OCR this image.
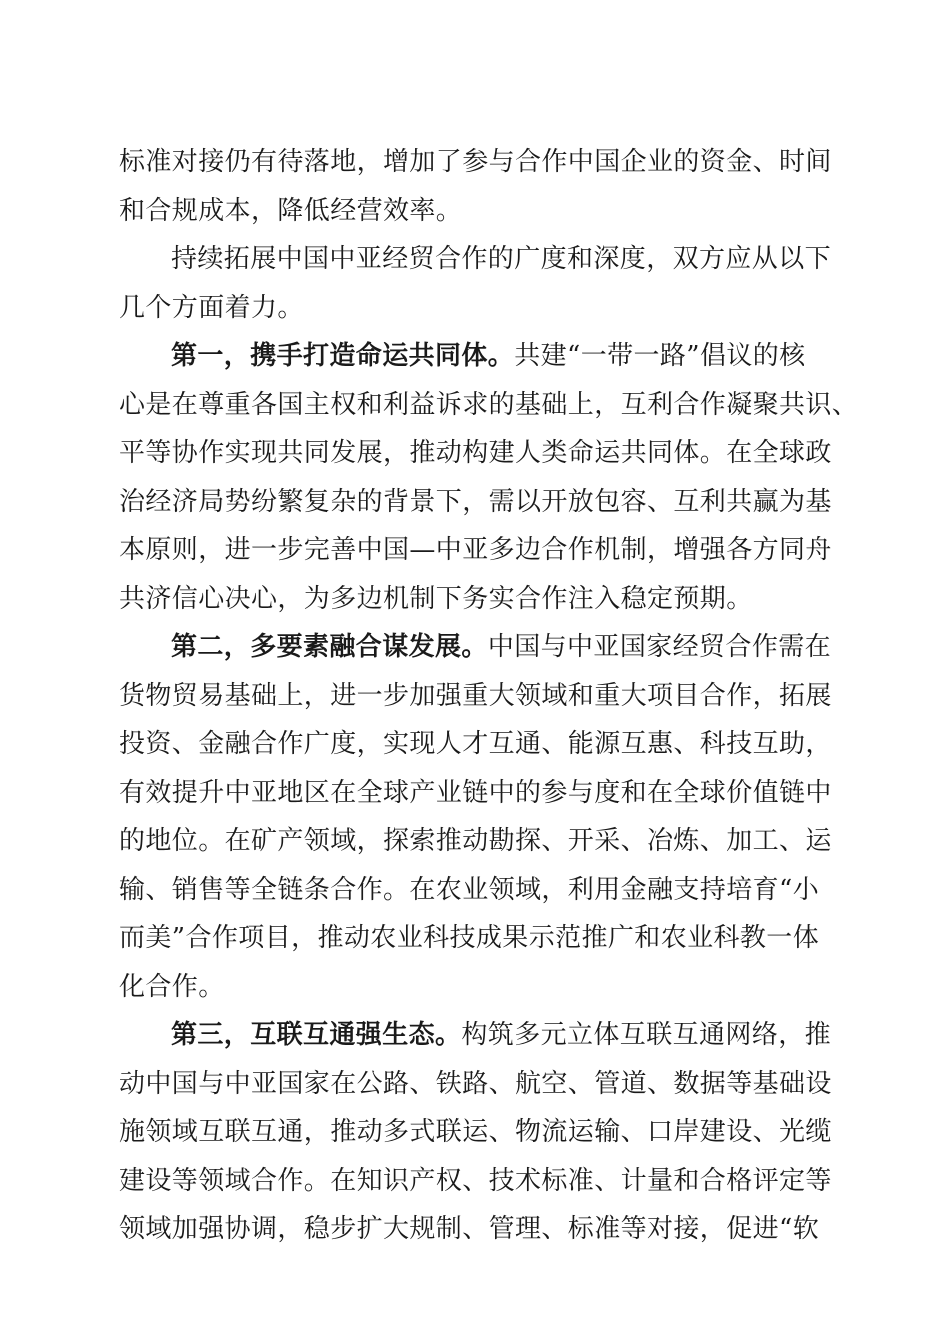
标准对接仍有待落地，增加了参与合作中国企业的资金、时间
和合规成本，降低经营效率。
持续拓展中国中亚经贸合作的广度和深度，双方应从以下
几个方面着力。
第一，携手打造命运共同体。共建“一带一路”倡议的核
心是在尊重各国主权和利益诉求的基础上，互利合作凝聚共识、
平等协作实现共同发展，推动构建人类命运共同体。在全球政
治经济局势纷繁复杂的背景下，需以开放包容、互利共赢为基
本原则，进一步完善中国—中亚多边合作机制，增强各方同舟
共济信心决心，为多边机制下务实合作注入稳定预期。
第二，多要素融合谋发展。中国与中亚国家经贸合作需在
货物贸易基础上，进一步加强重大领域和重大项目合作，拓展
投资、金融合作广度，实现人才互通、能源互惠、科技互助，
有效提升中亚地区在全球产业链中的参与度和在全球价值链中
的地位。在矿产领域，探索推动勘探、开采、冶炼、加工、运
输、销售等全链条合作。在农业领域，利用金融支持培育“小
而美”合作项目，推动农业科技成果示范推广和农业科教一体
化合作。
第三，互联互通强生态。构筑多元立体互联互通网络，推
动中国与中亚国家在公路、铁路、航空、管道、数据等基础设
施领域互联互通，推动多式联运、物流运输、口岸建设、光缆
建设等领域合作。在知识产权、技术标准、计量和合格评定等
领域加强协调，稳步扩大规制、管理、标准等对接，促进“软
